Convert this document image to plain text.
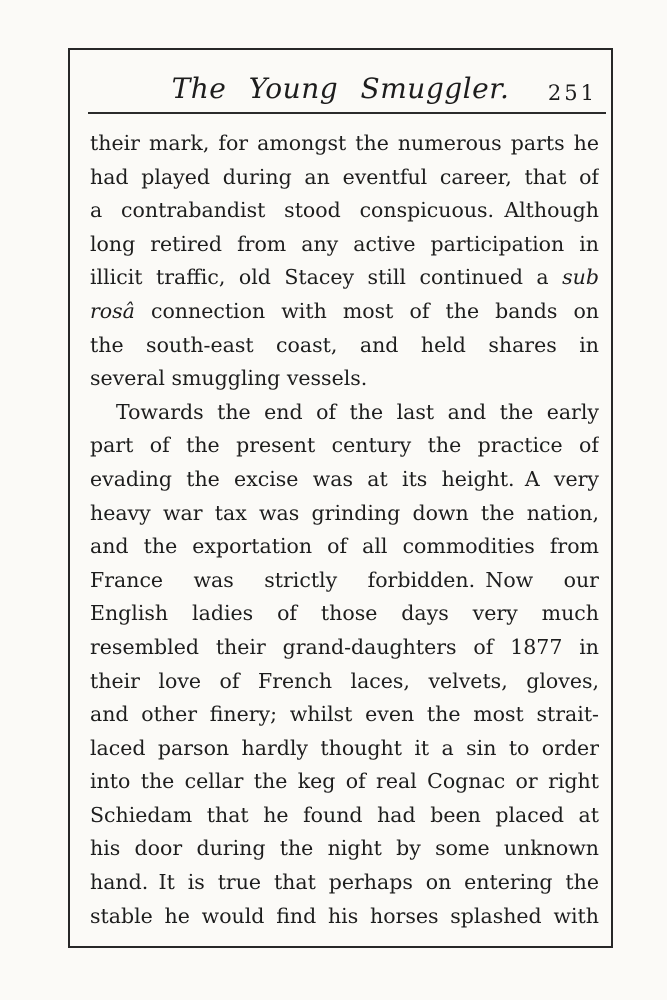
The Young Smuggler.	251
their mark, for amongst the numerous parts he
had played during an eventful career, that of
a contrabandist stood conspicuous. Although
long retired from any active participation in
illicit traffic, old Stacey still continued a sub
rosâ connection with most of the bands on
the south-east coast, and held shares in
several smuggling vessels.
Towards the end of the last and the early
part of the present century the practice of
evading the excise was at its height. A very
heavy war tax was grinding down the nation,
and the exportation of all commodities from
France was strictly forbidden. Now our
English ladies of those days very much
resembled their grand-daughters of 1877 in
their love of French laces, velvets, gloves,
and other finery; whilst even the most strait-
laced parson hardly thought it a sin to order
into the cellar the keg of real Cognac or right
Schiedam that he found had been placed at
his door during the night by some unknown
hand. It is true that perhaps on entering the
stable he would find his horses splashed with
